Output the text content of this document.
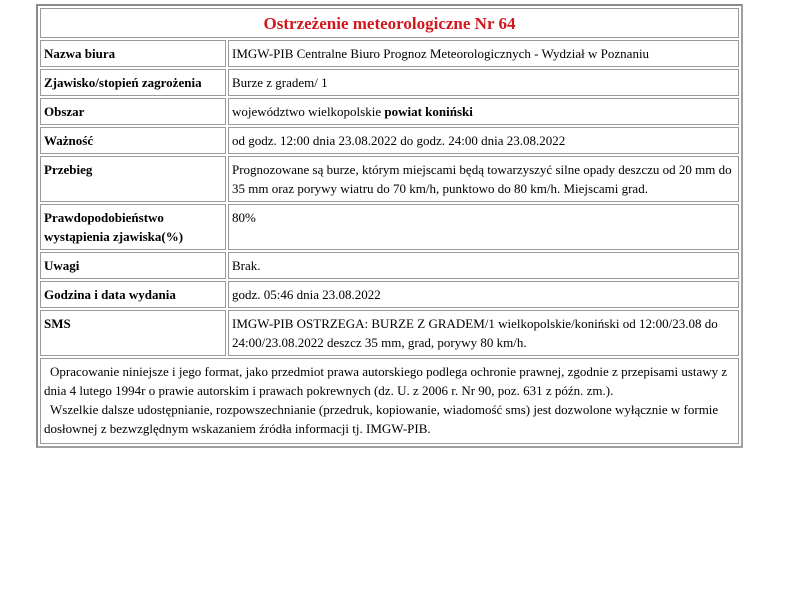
Ostrzeżenie meteorologiczne Nr 64	
Nazwa biura	IMGW-PIB Centralne Biuro Prognoz Meteorologicznych - Wydział w Poznaniu
Zjawisko/stopień zagrożenia	Burze z gradem/ 1
Obszar	województwo wielkopolskie powiat koniński
Ważność	od godz. 12:00 dnia 23.08.2022 do godz. 24:00 dnia 23.08.2022
Przebieg	Prognozowane są burze, którym miejscami będą towarzyszyć silne opady deszczu od 20 mm do 35 mm oraz porywy wiatru do 70 km/h, punktowo do 80 km/h. Miejscami grad.
Prawdopodobieństwo wystąpienia zjawiska(%)	80%
Uwagi	Brak.
Godzina i data wydania	godz. 05:46 dnia 23.08.2022
SMS	IMGW-PIB OSTRZEGA: BURZE Z GRADEM/1 wielkopolskie/koniński od 12:00/23.08 do 24:00/23.08.2022 deszcz 35 mm, grad, porywy 80 km/h.

Opracowanie niniejsze i jego format, jako przedmiot prawa autorskiego podlega ochronie prawnej, zgodnie z przepisami ustawy z dnia 4 lutego 1994r o prawie autorskim i prawach pokrewnych (dz. U. z 2006 r. Nr 90, poz. 631 z późn. zm.).

Wszelkie dalsze udostępnianie, rozpowszechnianie (przedruk, kopiowanie, wiadomość sms) jest dozwolone wyłącznie w formie dosłownej z bezwzględnym wskazaniem źródła informacji tj. IMGW-PIB.	
